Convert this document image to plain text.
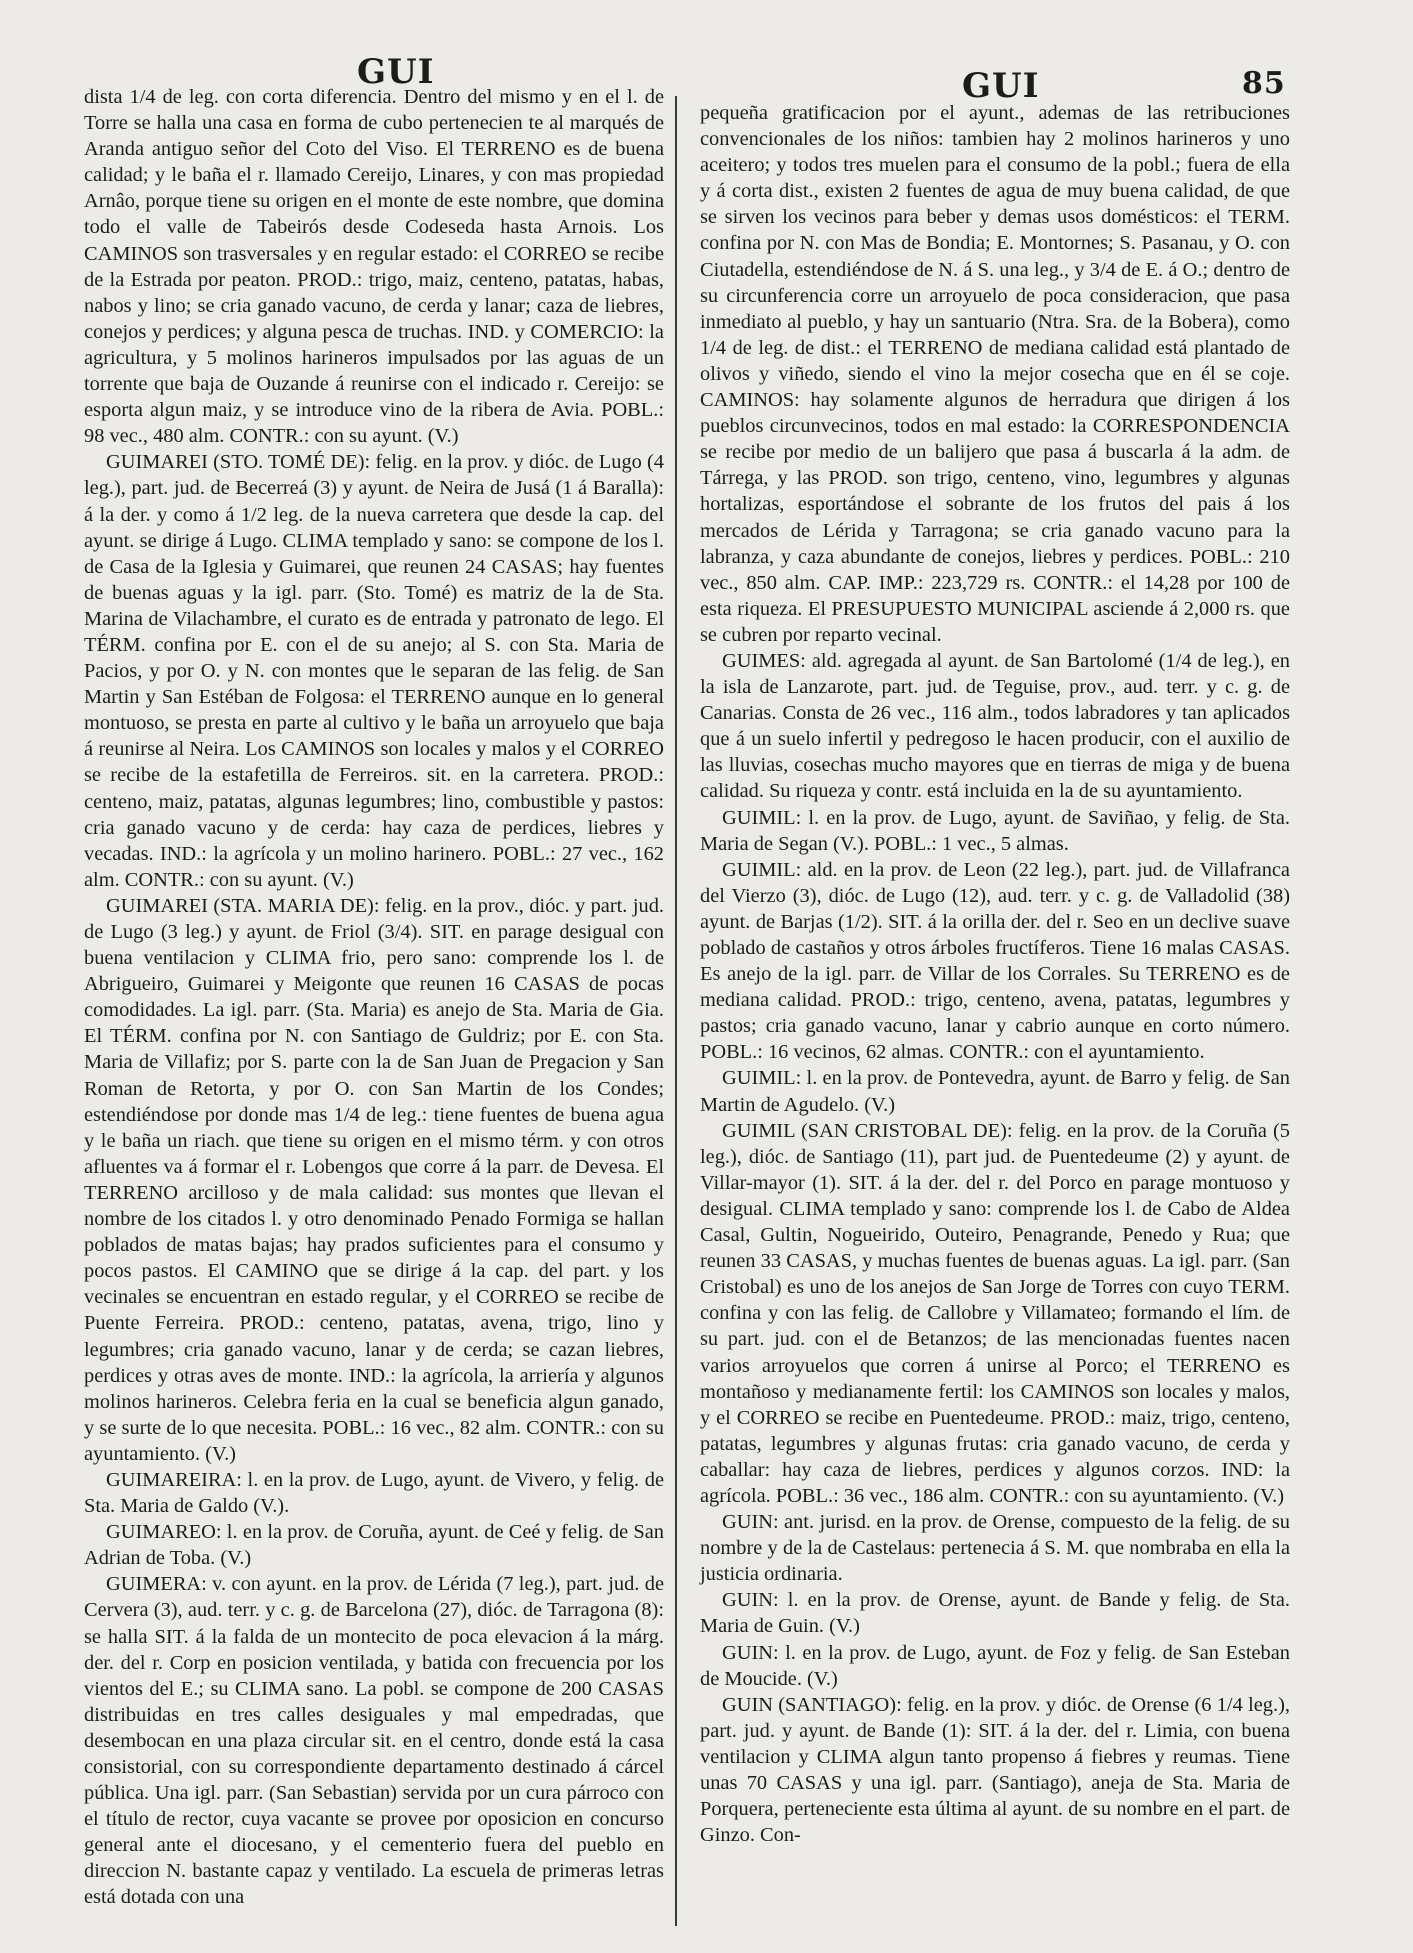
GUI	GUI	85

dista 1/4 de leg. con corta diferencia. Dentro del mismo y en el l. de Torre se halla una casa en forma de cubo pertenecien te al marqués de Aranda antiguo señor del Coto del Viso. El TERRENO es de buena calidad; y le baña el r. llamado Cereijo, Linares, y con mas propiedad Arnâo, porque tiene su origen en el monte de este nombre, que domina todo el valle de Tabeirós desde Codeseda hasta Arnois. Los CAMINOS son trasversales y en regular estado: el CORREO se recibe de la Estrada por peaton. PROD.: trigo, maiz, centeno, patatas, habas, nabos y lino; se cria ganado vacuno, de cerda y lanar; caza de liebres, conejos y perdices; y alguna pesca de truchas. IND. y COMERCIO: la agricultura, y 5 molinos harineros impulsados por las aguas de un torrente que baja de Ouzande á reunirse con el indicado r. Cereijo: se esporta algun maiz, y se introduce vino de la ribera de Avia. POBL.: 98 vec., 480 alm. CONTR.: con su ayunt. (V.)

GUIMAREI (STO. TOMÉ DE): felig. en la prov. y dióc. de Lugo (4 leg.), part. jud. de Becerreá (3) y ayunt. de Neira de Jusá (1 á Baralla): á la der. y como á 1/2 leg. de la nueva carretera que desde la cap. del ayunt. se dirige á Lugo. CLIMA templado y sano: se compone de los l. de Casa de la Iglesia y Guimarei, que reunen 24 CASAS; hay fuentes de buenas aguas y la igl. parr. (Sto. Tomé) es matriz de la de Sta. Marina de Vilachambre, el curato es de entrada y patronato de lego. El TÉRM. confina por E. con el de su anejo; al S. con Sta. Maria de Pacios, y por O. y N. con montes que le separan de las felig. de San Martin y San Estéban de Folgosa: el TERRENO aunque en lo general montuoso, se presta en parte al cultivo y le baña un arroyuelo que baja á reunirse al Neira. Los CAMINOS son locales y malos y el CORREO se recibe de la estafetilla de Ferreiros. sit. en la carretera. PROD.: centeno, maiz, patatas, algunas legumbres; lino, combustible y pastos: cria ganado vacuno y de cerda: hay caza de perdices, liebres y vecadas. IND.: la agrícola y un molino harinero. POBL.: 27 vec., 162 alm. CONTR.: con su ayunt. (V.)

GUIMAREI (STA. MARIA DE): felig. en la prov., dióc. y part. jud. de Lugo (3 leg.) y ayunt. de Friol (3/4). SIT. en parage desigual con buena ventilacion y CLIMA frio, pero sano: comprende los l. de Abrigueiro, Guimarei y Meigonte que reunen 16 CASAS de pocas comodidades. La igl. parr. (Sta. Maria) es anejo de Sta. Maria de Gia. El TÉRM. confina por N. con Santiago de Guldriz; por E. con Sta. Maria de Villafiz; por S. parte con la de San Juan de Pregacion y San Roman de Retorta, y por O. con San Martin de los Condes; estendiéndose por donde mas 1/4 de leg.: tiene fuentes de buena agua y le baña un riach. que tiene su origen en el mismo térm. y con otros afluentes va á formar el r. Lobengos que corre á la parr. de Devesa. El TERRENO arcilloso y de mala calidad: sus montes que llevan el nombre de los citados l. y otro denominado Penado Formiga se hallan poblados de matas bajas; hay prados suficientes para el consumo y pocos pastos. El CAMINO que se dirige á la cap. del part. y los vecinales se encuentran en estado regular, y el CORREO se recibe de Puente Ferreira. PROD.: centeno, patatas, avena, trigo, lino y legumbres; cria ganado vacuno, lanar y de cerda; se cazan liebres, perdices y otras aves de monte. IND.: la agrícola, la arriería y algunos molinos harineros. Celebra feria en la cual se beneficia algun ganado, y se surte de lo que necesita. POBL.: 16 vec., 82 alm. CONTR.: con su ayuntamiento. (V.)

GUIMAREIRA: l. en la prov. de Lugo, ayunt. de Vivero, y felig. de Sta. Maria de Galdo (V.).

GUIMAREO: l. en la prov. de Coruña, ayunt. de Ceé y felig. de San Adrian de Toba. (V.)

GUIMERA: v. con ayunt. en la prov. de Lérida (7 leg.), part. jud. de Cervera (3), aud. terr. y c. g. de Barcelona (27), dióc. de Tarragona (8): se halla SIT. á la falda de un montecito de poca elevacion á la márg. der. del r. Corp en posicion ventilada, y batida con frecuencia por los vientos del E.; su CLIMA sano. La pobl. se compone de 200 CASAS distribuidas en tres calles desiguales y mal empedradas, que desembocan en una plaza circular sit. en el centro, donde está la casa consistorial, con su correspondiente departamento destinado á cárcel pública. Una igl. parr. (San Sebastian) servida por un cura párroco con el título de rector, cuya vacante se provee por oposicion en concurso general ante el diocesano, y el cementerio fuera del pueblo en direccion N. bastante capaz y ventilado. La escuela de primeras letras está dotada con una

pequeña gratificacion por el ayunt., ademas de las retribuciones convencionales de los niños: tambien hay 2 molinos harineros y uno aceitero; y todos tres muelen para el consumo de la pobl.; fuera de ella y á corta dist., existen 2 fuentes de agua de muy buena calidad, de que se sirven los vecinos para beber y demas usos domésticos: el TERM. confina por N. con Mas de Bondia; E. Montornes; S. Pasanau, y O. con Ciutadella, estendiéndose de N. á S. una leg., y 3/4 de E. á O.; dentro de su circunferencia corre un arroyuelo de poca consideracion, que pasa inmediato al pueblo, y hay un santuario (Ntra. Sra. de la Bobera), como 1/4 de leg. de dist.: el TERRENO de mediana calidad está plantado de olivos y viñedo, siendo el vino la mejor cosecha que en él se coje. CAMINOS: hay solamente algunos de herradura que dirigen á los pueblos circunvecinos, todos en mal estado: la CORRESPONDENCIA se recibe por medio de un balijero que pasa á buscarla á la adm. de Tárrega, y las PROD. son trigo, centeno, vino, legumbres y algunas hortalizas, esportándose el sobrante de los frutos del pais á los mercados de Lérida y Tarragona; se cria ganado vacuno para la labranza, y caza abundante de conejos, liebres y perdices. POBL.: 210 vec., 850 alm. CAP. IMP.: 223,729 rs. CONTR.: el 14,28 por 100 de esta riqueza. El PRESUPUESTO MUNICIPAL asciende á 2,000 rs. que se cubren por reparto vecinal.

GUIMES: ald. agregada al ayunt. de San Bartolomé (1/4 de leg.), en la isla de Lanzarote, part. jud. de Teguise, prov., aud. terr. y c. g. de Canarias. Consta de 26 vec., 116 alm., todos labradores y tan aplicados que á un suelo infertil y pedregoso le hacen producir, con el auxilio de las lluvias, cosechas mucho mayores que en tierras de miga y de buena calidad. Su riqueza y contr. está incluida en la de su ayuntamiento.

GUIMIL: l. en la prov. de Lugo, ayunt. de Saviñao, y felig. de Sta. Maria de Segan (V.). POBL.: 1 vec., 5 almas.

GUIMIL: ald. en la prov. de Leon (22 leg.), part. jud. de Villafranca del Vierzo (3), dióc. de Lugo (12), aud. terr. y c. g. de Valladolid (38) ayunt. de Barjas (1/2). SIT. á la orilla der. del r. Seo en un declive suave poblado de castaños y otros árboles fructíferos. Tiene 16 malas CASAS. Es anejo de la igl. parr. de Villar de los Corrales. Su TERRENO es de mediana calidad. PROD.: trigo, centeno, avena, patatas, legumbres y pastos; cria ganado vacuno, lanar y cabrio aunque en corto número. POBL.: 16 vecinos, 62 almas. CONTR.: con el ayuntamiento.

GUIMIL: l. en la prov. de Pontevedra, ayunt. de Barro y felig. de San Martin de Agudelo. (V.)

GUIMIL (SAN CRISTOBAL DE): felig. en la prov. de la Coruña (5 leg.), dióc. de Santiago (11), part jud. de Puentedeume (2) y ayunt. de Villar-mayor (1). SIT. á la der. del r. del Porco en parage montuoso y desigual. CLIMA templado y sano: comprende los l. de Cabo de Aldea Casal, Gultin, Nogueirido, Outeiro, Penagrande, Penedo y Rua; que reunen 33 CASAS, y muchas fuentes de buenas aguas. La igl. parr. (San Cristobal) es uno de los anejos de San Jorge de Torres con cuyo TERM. confina y con las felig. de Callobre y Villamateo; formando el lím. de su part. jud. con el de Betanzos; de las mencionadas fuentes nacen varios arroyuelos que corren á unirse al Porco; el TERRENO es montañoso y medianamente fertil: los CAMINOS son locales y malos, y el CORREO se recibe en Puentedeume. PROD.: maiz, trigo, centeno, patatas, legumbres y algunas frutas: cria ganado vacuno, de cerda y caballar: hay caza de liebres, perdices y algunos corzos. IND: la agrícola. POBL.: 36 vec., 186 alm. CONTR.: con su ayuntamiento. (V.)

GUIN: ant. jurisd. en la prov. de Orense, compuesto de la felig. de su nombre y de la de Castelaus: pertenecia á S. M. que nombraba en ella la justicia ordinaria.

GUIN: l. en la prov. de Orense, ayunt. de Bande y felig. de Sta. Maria de Guin. (V.)

GUIN: l. en la prov. de Lugo, ayunt. de Foz y felig. de San Esteban de Moucide. (V.)

GUIN (SANTIAGO): felig. en la prov. y dióc. de Orense (6 1/4 leg.), part. jud. y ayunt. de Bande (1): SIT. á la der. del r. Limia, con buena ventilacion y CLIMA algun tanto propenso á fiebres y reumas. Tiene unas 70 CASAS y una igl. parr. (Santiago), aneja de Sta. Maria de Porquera, perteneciente esta última al ayunt. de su nombre en el part. de Ginzo. Con-
